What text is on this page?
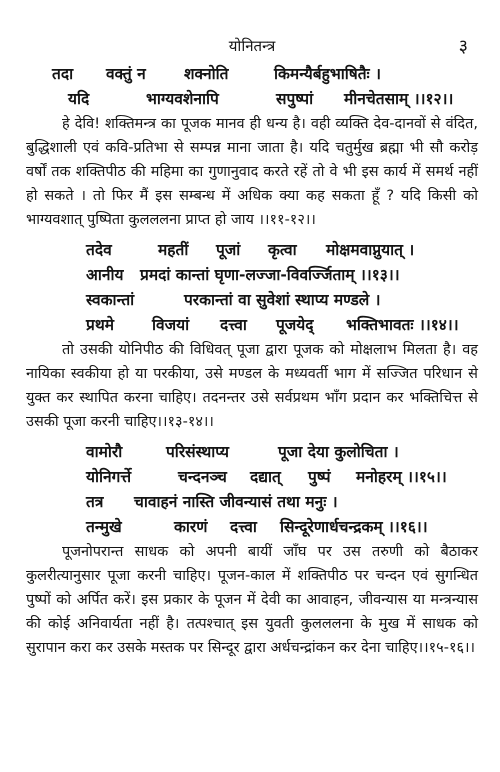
योनितन्त्र	३

तदा वक्तुं न शक्नोति	किमन्यैर्बहुभाषितैः ।

यदि	भाग्यवशेनापि	सपुष्पां मीनचेतसाम् ।।१२।।

हे देवि! शक्तिमन्त्र का पूजक मानव ही धन्य है। वही व्यक्ति देव-दानवों से वंदित, बुद्धिशाली एवं कवि-प्रतिभा से सम्पन्न माना जाता है। यदि चतुर्मुख ब्रह्मा भी सौ करोड़ वर्षों तक शक्तिपीठ की महिमा का गुणानुवाद करते रहें तो वे भी इस कार्य में समर्थ नहीं हो सकते । तो फिर मैं इस सम्बन्ध में अधिक क्या कह सकता हूँ ? यदि किसी को भाग्यवशात् पुष्पिता कुलललना प्राप्त हो जाय ।।११-१२।।

तदेव	महतीं पूजां कृत्वा मोक्षमवाप्नुयात् ।

आनीय प्रमदां कान्तां घृणा-लज्जा-विवर्ज्जिताम् ।।१३।।

स्वकान्तां	परकान्तां वा सुवेशां स्थाप्य मण्डले ।

प्रथमे विजयां दत्त्वा पूजयेद् भक्तिभावतः ।।१४।।

तो उसकी योनिपीठ की विधिवत् पूजा द्वारा पूजक को मोक्षलाभ मिलता है। वह नायिका स्वकीया हो या परकीया, उसे मण्डल के मध्यवर्ती भाग में सज्जित परिधान से युक्त कर स्थापित करना चाहिए। तदनन्तर उसे सर्वप्रथम भाँग प्रदान कर भक्तिचित्त से उसकी पूजा करनी चाहिए।।१३-१४।।

वामोरौ	परिसंस्थाप्य	पूजा देया कुलोचिता ।

योनिगर्त्ते	चन्दनञ्च दद्यात् पुष्पं मनोहरम् ।।१५।।

तत्र चावाहनं नास्ति जीवन्यासं तथा मनुः ।

तन्मुखे	कारणं दत्त्वा सिन्दूरेणार्धचन्द्रकम् ।।१६।।

पूजनोपरान्त साधक को अपनी बायीं जाँघ पर उस तरुणी को बैठाकर कुलरीत्यानुसार पूजा करनी चाहिए। पूजन-काल में शक्तिपीठ पर चन्दन एवं सुगन्धित पुष्पों को अर्पित करें। इस प्रकार के पूजन में देवी का आवाहन, जीवन्यास या मन्त्रन्यास की कोई अनिवार्यता नहीं है। तत्पश्चात् इस युवती कुलललना के मुख में साधक को सुरापान करा कर उसके मस्तक पर सिन्दूर द्वारा अर्धचन्द्रांकन कर देना चाहिए।।१५-१६।।
